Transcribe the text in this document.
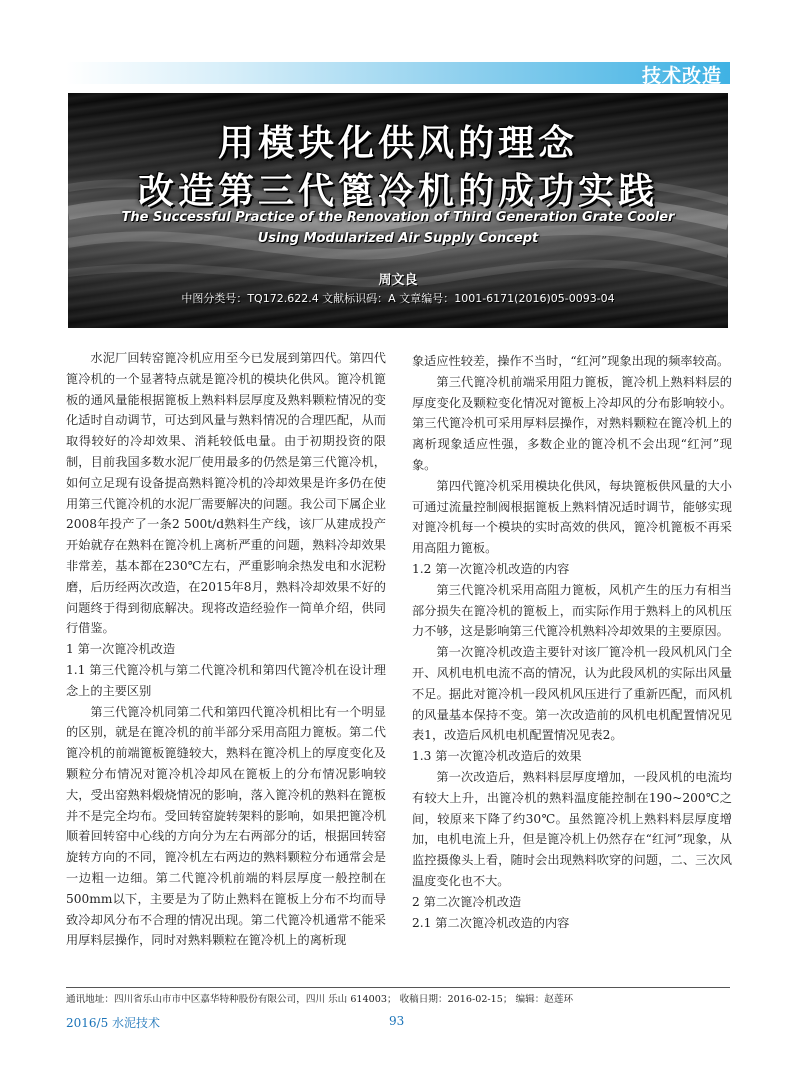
技术改造
用模块化供风的理念
改造第三代篦冷机的成功实践
The Successful Practice of the Renovation of Third Generation Grate Cooler
Using Modularized Air Supply Concept
周文良
中图分类号：TQ172.622.4 文献标识码：A 文章编号：1001-6171(2016)05-0093-04

水泥厂回转窑篦冷机应用至今已发展到第四代。第四代篦冷机的一个显著特点就是篦冷机的模块化供风。篦冷机篦板的通风量能根据篦板上熟料料层厚度及熟料颗粒情况的变化适时自动调节，可达到风量与熟料情况的合理匹配，从而取得较好的冷却效果、消耗较低电量。由于初期投资的限制，目前我国多数水泥厂使用最多的仍然是第三代篦冷机，如何立足现有设备提高熟料篦冷机的冷却效果是许多仍在使用第三代篦冷机的水泥厂需要解决的问题。我公司下属企业2008年投产了一条2 500t/d熟料生产线，该厂从建成投产开始就存在熟料在篦冷机上离析严重的问题，熟料冷却效果非常差，基本都在230℃左右，严重影响余热发电和水泥粉磨，后历经两次改造，在2015年8月，熟料冷却效果不好的问题终于得到彻底解决。现将改造经验作一简单介绍，供同行借鉴。

1 第一次篦冷机改造

1.1 第三代篦冷机与第二代篦冷机和第四代篦冷机在设计理念上的主要区别

第三代篦冷机同第二代和第四代篦冷机相比有一个明显的区别，就是在篦冷机的前半部分采用高阻力篦板。第二代篦冷机的前端篦板篦缝较大，熟料在篦冷机上的厚度变化及颗粒分布情况对篦冷机冷却风在篦板上的分布情况影响较大，受出窑熟料煅烧情况的影响，落入篦冷机的熟料在篦板并不是完全均布。受回转窑旋转架料的影响，如果把篦冷机顺着回转窑中心线的方向分为左右两部分的话，根据回转窑旋转方向的不同，篦冷机左右两边的熟料颗粒分布通常会是一边粗一边细。第二代篦冷机前端的料层厚度一般控制在500mm以下，主要是为了防止熟料在篦板上分布不均而导致冷却风分布不合理的情况出现。第二代篦冷机通常不能采用厚料层操作，同时对熟料颗粒在篦冷机上的离析现

象适应性较差，操作不当时，“红河”现象出现的频率较高。

第三代篦冷机前端采用阻力篦板，篦冷机上熟料料层的厚度变化及颗粒变化情况对篦板上冷却风的分布影响较小。第三代篦冷机可采用厚料层操作，对熟料颗粒在篦冷机上的离析现象适应性强，多数企业的篦冷机不会出现“红河”现象。

第四代篦冷机采用模块化供风，每块篦板供风量的大小可通过流量控制阀根据篦板上熟料情况适时调节，能够实现对篦冷机每一个模块的实时高效的供风，篦冷机篦板不再采用高阻力篦板。

1.2 第一次篦冷机改造的内容

第三代篦冷机采用高阻力篦板，风机产生的压力有相当部分损失在篦冷机的篦板上，而实际作用于熟料上的风机压力不够，这是影响第三代篦冷机熟料冷却效果的主要原因。

第一次篦冷机改造主要针对该厂篦冷机一段风机风门全开、风机电机电流不高的情况，认为此段风机的实际出风量不足。据此对篦冷机一段风机风压进行了重新匹配，而风机的风量基本保持不变。第一次改造前的风机电机配置情况见表1，改造后风机电机配置情况见表2。

1.3 第一次篦冷机改造后的效果

第一次改造后，熟料料层厚度增加，一段风机的电流均有较大上升，出篦冷机的熟料温度能控制在190~200℃之间，较原来下降了约30℃。虽然篦冷机上熟料料层厚度增加，电机电流上升，但是篦冷机上仍然存在“红河”现象，从监控摄像头上看，随时会出现熟料吹穿的问题，二、三次风温度变化也不大。

2 第二次篦冷机改造

2.1 第二次篦冷机改造的内容

通讯地址：四川省乐山市市中区嘉华特种股份有限公司，四川 乐山 614003； 收稿日期：2016-02-15； 编辑：赵莲环
2016/5 水泥技术	93
